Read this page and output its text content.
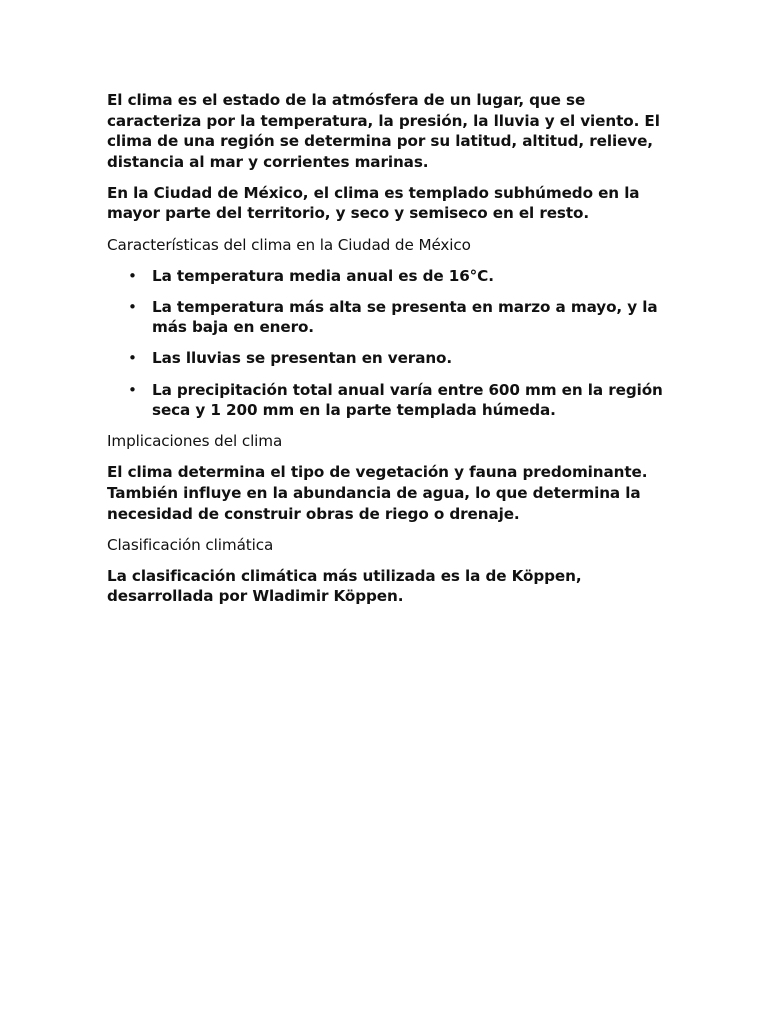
El clima es el estado de la atmósfera de un lugar, que se caracteriza por la temperatura, la presión, la lluvia y el viento. El clima de una región se determina por su latitud, altitud, relieve, distancia al mar y corrientes marinas.

En la Ciudad de México, el clima es templado subhúmedo en la mayor parte del territorio, y seco y semiseco en el resto.

Características del clima en la Ciudad de México

• La temperatura media anual es de 16°C.
• La temperatura más alta se presenta en marzo a mayo, y la más baja en enero.
• Las lluvias se presentan en verano.
• La precipitación total anual varía entre 600 mm en la región seca y 1 200 mm en la parte templada húmeda.

Implicaciones del clima

El clima determina el tipo de vegetación y fauna predominante. También influye en la abundancia de agua, lo que determina la necesidad de construir obras de riego o drenaje.

Clasificación climática

La clasificación climática más utilizada es la de Köppen, desarrollada por Wladimir Köppen.
